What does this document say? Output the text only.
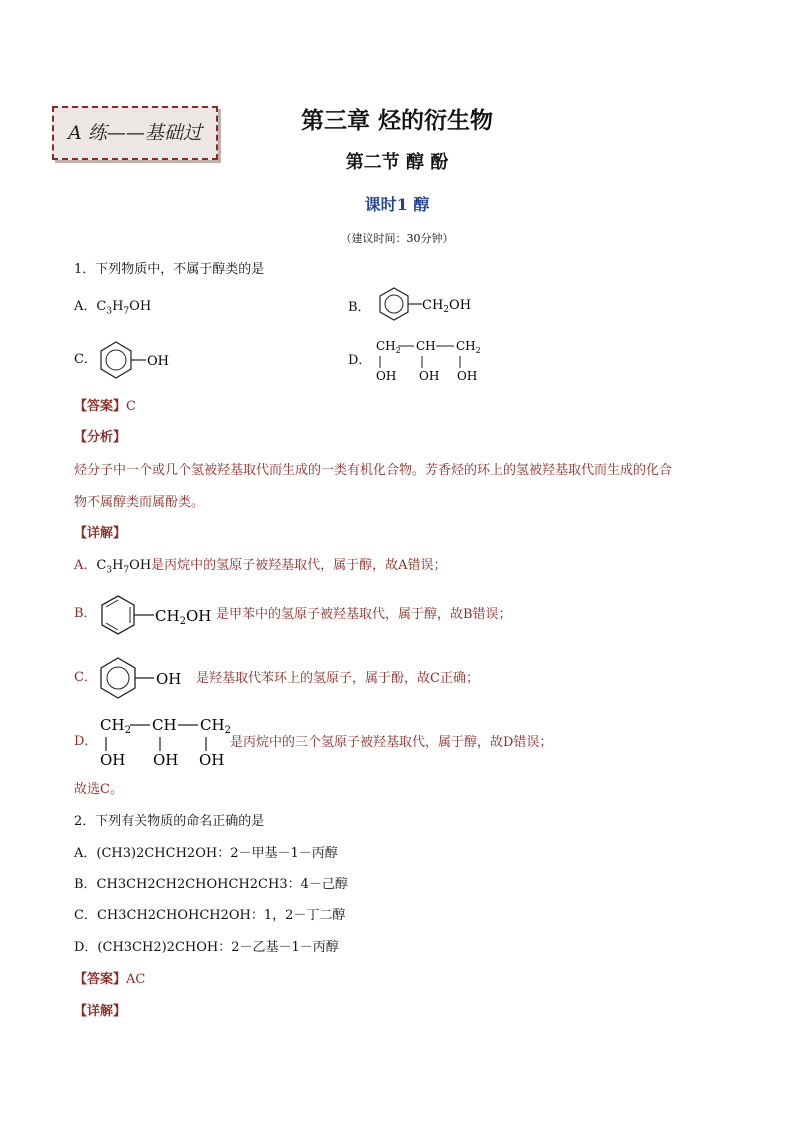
A 练——基础过	第三章 烃的衍生物
第二节 醇 酚
课时1 醇
（建议时间：30分钟）
1．下列物质中，不属于醇类的是
A．$C_3H_7OH$	B．	$CH_2OH$
C．	OH	D．
$CH_2$ CH $CH_2$
OH OH OH
【答案】C
【分析】
烃分子中一个或几个氢被羟基取代而生成的一类有机化合物。芳香烃的环上的氢被羟基取代而生成的化合
物不属醇类而属酚类。
【详解】
A．$C_3H_7OH$是丙烷中的氢原子被羟基取代，属于醇，故A错误；
B．	$CH_2OH$ 是甲苯中的氢原子被羟基取代，属于醇，故B错误；
C．	OH 是羟基取代苯环上的氢原子，属于酚，故C正确；
D．
$CH_2$ CH $CH_2$
OH OH OH
是丙烷中的三个氢原子被羟基取代，属于醇，故D错误；
故选C。
2．下列有关物质的命名正确的是
A．(CH3)2CHCH2OH：2－甲基－1－丙醇
B．CH3CH2CH2CHOHCH2CH3：4－己醇
C．CH3CH2CHOHCH2OH：1，2－丁二醇
D．(CH3CH2)2CHOH：2－乙基－1－丙醇
【答案】AC
【详解】
